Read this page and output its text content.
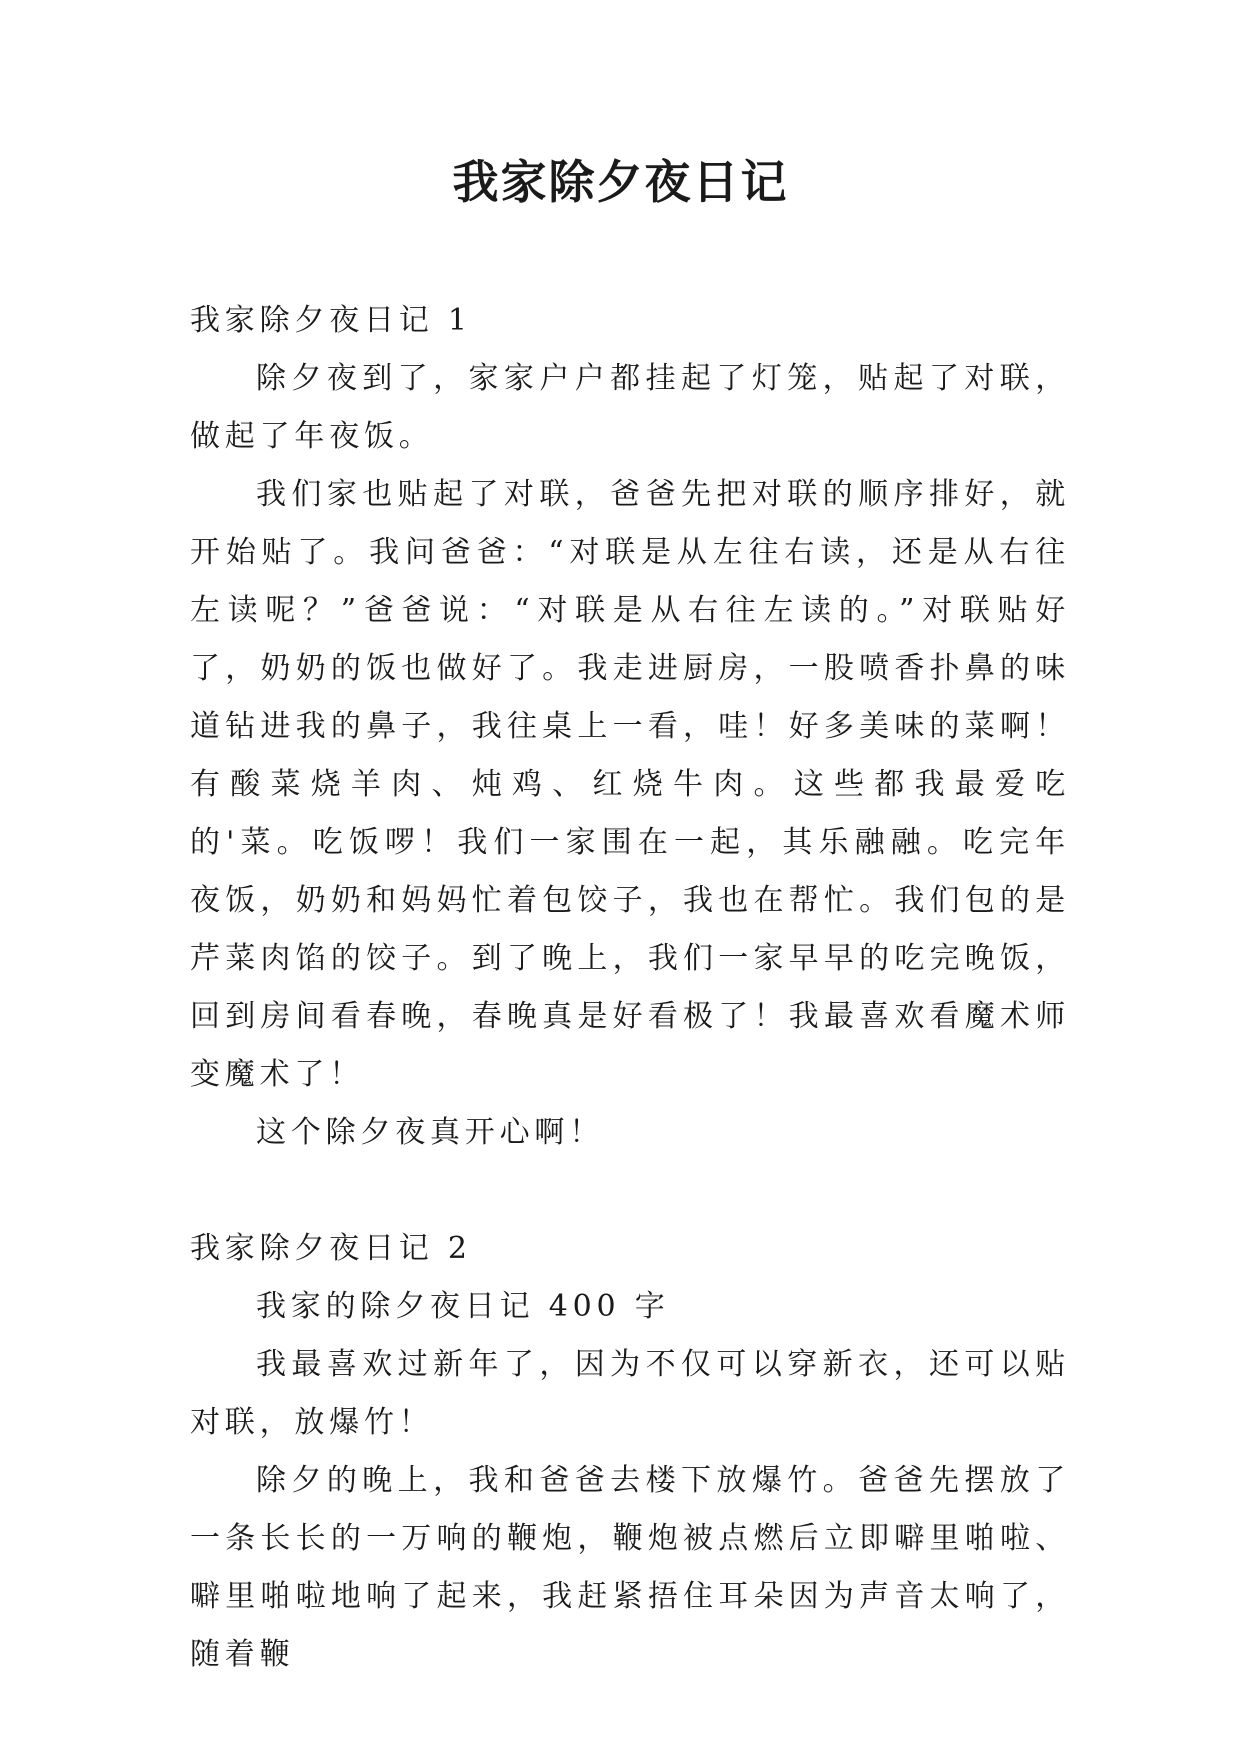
我家除夕夜日记
我家除夕夜日记 1

除夕夜到了，家家户户都挂起了灯笼，贴起了对联，做起了年夜饭。

我们家也贴起了对联，爸爸先把对联的顺序排好，就开始贴了。我问爸爸：“对联是从左往右读，还是从右往左读呢？”爸爸说：“对联是从右往左读的。”对联贴好了，奶奶的饭也做好了。我走进厨房，一股喷香扑鼻的味道钻进我的鼻子，我往桌上一看，哇！好多美味的菜啊！有酸菜烧羊肉、炖鸡、红烧牛肉。这些都我最爱吃的'菜。吃饭啰！我们一家围在一起，其乐融融。吃完年夜饭，奶奶和妈妈忙着包饺子，我也在帮忙。我们包的是芹菜肉馅的饺子。到了晚上，我们一家早早的吃完晚饭，回到房间看春晚，春晚真是好看极了！我最喜欢看魔术师变魔术了！

这个除夕夜真开心啊！

我家除夕夜日记 2

我家的除夕夜日记 400 字

我最喜欢过新年了，因为不仅可以穿新衣，还可以贴对联，放爆竹！

除夕的晚上，我和爸爸去楼下放爆竹。爸爸先摆放了一条长长的一万响的鞭炮，鞭炮被点燃后立即噼里啪啦、噼里啪啦地响了起来，我赶紧捂住耳朵因为声音太响了，随着鞭
